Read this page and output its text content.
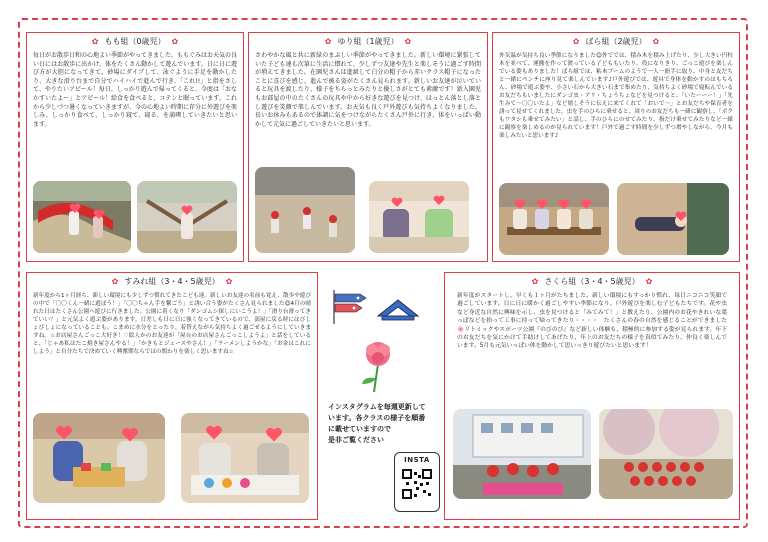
✿ もも組（0歳児） ✿
毎日がお散歩日和の心地よい季節がやってきました。ももぐみはお天気の良い日にはお散歩に出かけ、体をたくさん動かして遊んでいます。日に日に遊び方が大胆になってきて、砂場にダイブして、泳ぐように手足を動かしたり、大きな滑り台まで自分でハイハイで進んで行き、「これ!!」と指をさして、やりたいアピール！毎日、しっかり遊んで帰ってくると、今度は「おなかすいたよー」とアピール！給食を食べると、コテンと眠っています。これから少しづつ暑くなっていきますが、今の心地よい時期に存分に外遊びを楽しみ、しっかり食べて、しっかり寝て、寝る、を満喫していきたいと思います。
✿ ゆり組（1歳児） ✿
さわやかな風と共に新緑のまぶしい季節がやってきました。新しい環境に緊張していた子ども達も次第に生活に慣れて、少しずつ友達や先生と楽しそうに過ごす時間が増えてきました。在園児さんは進級して白分の帽子から赤いクラス帽子になったことに喜びを感じ、進んで被る姿がたくさん見られます。新しいお友達が泣いていると玩具を渡したり、様子をちらっとみたりと優しさがとても素敵です！新入園児もお部屋の中のたくさんの玩具や中から好きな遊びを見つけ、ほっとん落とし落とし遊びを笑顔で楽しんでいます。お天気も良く戸外遊びも気持ちよくなりました。長いお休みもあるので体調に気をつけながらたくさん戸外に行き、体をいっぱい動かして元気に過ごしていきたいと思います。
✿ ばら組（2歳児） ✿
外気温が気持ち良い季節になりました😊外ででは、積み木を積み上げたり、少し大きい円柱木を並べて、運搬を作って渡っている子どももいたり。役になりきり、ごっこ遊びを楽しんでいる姿もありました！ばら組では、粘木ブームのようで一人一冊手に取り、中身と友だちと一緒にペンチに座り見て楽しんでいます♪戸外遊びでは、遊具で身体を動かすのはもちろん、砂場で遊ぶ姿や、小さい石から大きい石まで集めたり、気持ちよく砂場で寝転んでいるお友だちもいましたにダンゴ虫・アリ・ちょうちょなどを見つけると、「いたーーー！」「先生みて〜〇〇いたよ」など嬉しそうに伝えに来てくれて「おいで〜」とお友だちや保育者を誘って見せてくれました。虫を手のひらに乗せると、周りのお友だちも一緒に観察し、「ボクもワタシも乗せてみたい」と話し、手のひらにのせてみたり、指だけ乗せてみたりなど一緒に観察を楽しめるのが見られています！戸外で過ごす時間を少しずつ増やしながら、今月も楽しみたいと思います♪
✿ すみれ組（3・4・5歳児） ✿
新年度から1ヶ月経ち、新しい環境にも少しずつ慣れてきたこども達。新しいお友達の名前も覚え、散歩や遊びの中で「〇〇くん一緒に遊ぼう！」「〇〇ちゃん手を繋ごう」と誘い合う姿がたくさん見られました😊4月の晴れた日はたくさん公園へ遊びに行きました。公園に着くなり「ダンゴムシ探しにいこうよ！」「滑り台滑ってきていい？」と元気よく遊ぶ姿があります。日差しも日に日に強くなってきているので、部屋に戻る時にはびしょびしょになっていることも。こまめに水分をとったり、着替えながら気持ちよく過ごせるようにしていきますね。☆お店屋さんごっこ大好き！♡絵人かのお友達が「屋台のお店屋さんごっこしようよ」と話をしていると、「じゃあ私はたこ焼き屋さんやる！」「かきもとジュースやさん！」「ラーメンしようかな」「お金はこれにしよう」と自分たちで決めていく興奮期ならではの関わりを楽しく思いますね☆
インスタグラムを毎週更新して
います。各クラスの様子を順番
に載せていますので
是非ご覧ください
INSTA
✿ さくら組（3・4・5歳児） ✿
新年度がスタートし、早くも１ヶ月がたちました。新しい環境にもすっかり慣れ、毎日ニコニコ笑顔で過ごしています。日に日に暖かく過ごしやすい季節になり、戸外遊びを楽しむ子どもたちです。花や虫など身近な自然に興味を示し、虫を見つけると「みてみて！」と教えたり、公園内のお花やきれいな葉っぱなどを拾って工事に持って帰ってきたり・・・・　たくさんの春の自然を感じることができました🌸リトミックやスポーツ公園『のびのび』など新しい体験も、積極的に参加する姿が見られます。年下のお友だちを気にかけて手助けしてあげたり、年上のお友だちの様子を真似てみたり、仲良く楽しんでいます。5月も元気いっぱい体を動かして思いっきり遊びたいと思います！
